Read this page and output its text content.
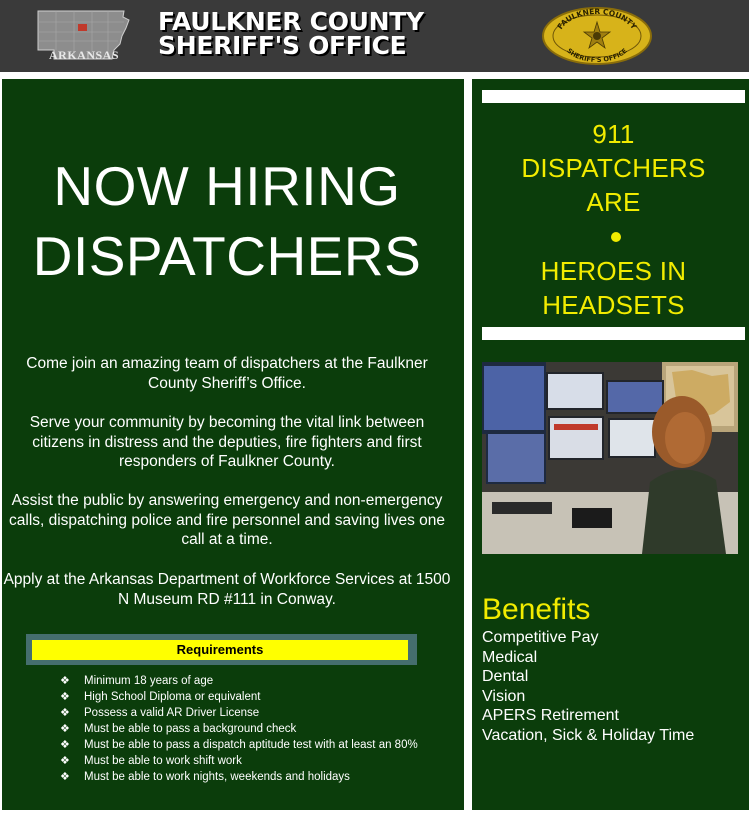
ARKANSAS
FAULKNER COUNTY
SHERIFF'S OFFICE
FAULKNER COUNTY
SHERIFF'S OFFICE
NOW HIRING
DISPATCHERS

Come join an amazing team of dispatchers at the Faulkner County Sheriff’s Office.

Serve your community by becoming the vital link between citizens in distress and the deputies, fire fighters and first responders of Faulkner County.

Assist the public by answering emergency and non-emergency calls, dispatching police and fire personnel and saving lives one call at a time.

Apply at the Arkansas Department of Workforce Services at 1500 N Museum RD #111 in Conway.

Requirements
❖ Minimum 18 years of age
❖ High School Diploma or equivalent
❖ Possess a valid AR Driver License
❖ Must be able to pass a background check
❖ Must be able to pass a dispatch aptitude test with at least an 80%
❖ Must be able to work shift work
❖ Must be able to work nights, weekends and holidays
911
DISPATCHERS
ARE
HEROES IN
HEADSETS
Benefits
Competitive Pay
Medical
Dental
Vision
APERS Retirement
Vacation, Sick & Holiday Time
